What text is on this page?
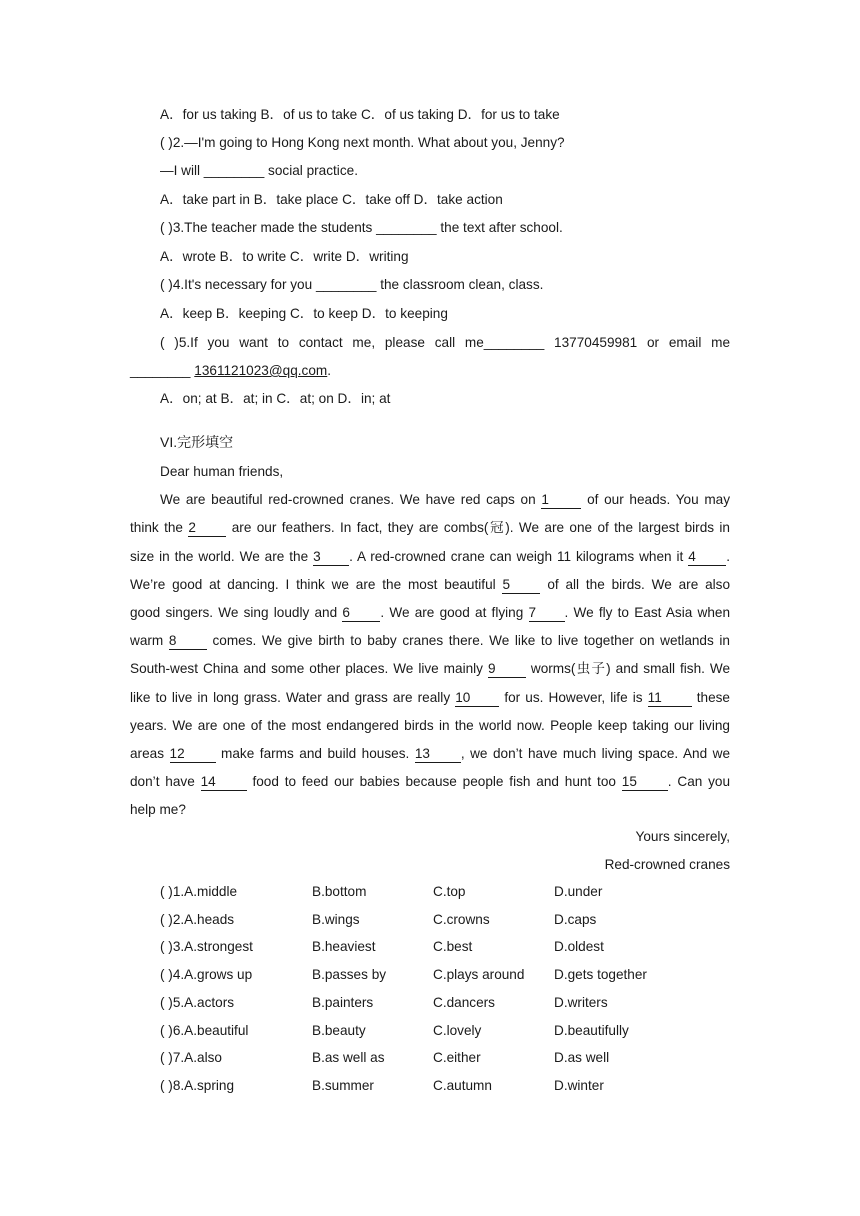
A．for us taking B．of us to take C．of us taking D．for us to take
( )2.—I'm going to Hong Kong next month. What about you, Jenny?
—I will ________ social practice.
A．take part in B．take place C．take off D．take action
( )3.The teacher made the students ________ the text after school.
A．wrote B．to write C．write D．writing
( )4.It's necessary for you ________ the classroom clean, class.
A．keep B．keeping C．to keep D．to keeping
( )5.If you want to contact me, please call me________ 13770459981 or email me
________ 1361121023@qq.com.
A．on; at B．at; in C．at; on D．in; at
VI.完形填空
Dear human friends,
We are beautiful red-crowned cranes. We have red caps on 1	of our heads. You may
think the 2	are our feathers. In fact, they are combs(冠). We are one of the largest birds in
size in the world. We are the 3 . A red-crowned crane can weigh 11 kilograms when it 4 .
We’re good at dancing. I think we are the most beautiful 5	of all the birds. We are also
good singers. We sing loudly and 6 . We are good at flying 7 . We fly to East Asia when
warm 8	comes. We give birth to baby cranes there. We like to live together on wetlands in
South-west China and some other places. We live mainly 9	worms(虫子) and small fish. We
like to live in long grass. Water and grass are really 10 for us. However, life is 11	these
years. We are one of the most endangered birds in the world now. People keep taking our living
areas 12	make farms and build houses. 13 , we don’t have much living space. And we
don’t have 14	food to feed our babies because people fish and hunt too 15 . Can you
help me?
Yours sincerely,
Red-crowned cranes
( )1.A.middle	B.bottom	C.top	D.under
( )2.A.heads	B.wings	C.crowns	D.caps
( )3.A.strongest	B.heaviest	C.best	D.oldest
( )4.A.grows up	B.passes by	C.plays around D.gets together
( )5.A.actors	B.painters	C.dancers	D.writers
( )6.A.beautiful	B.beauty	C.lovely	D.beautifully
( )7.A.also	B.as well as	C.either	D.as well
( )8.A.spring	B.summer	C.autumn	D.winter
